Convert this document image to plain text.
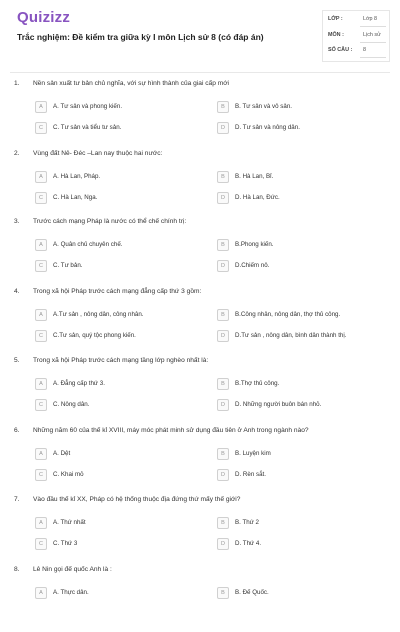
Quizizz
Trắc nghiệm: Đề kiểm tra giữa kỳ I môn Lịch sử 8 (có đáp án)
LỚP :	Lớp 8
MÔN :	Lịch sử
SỐ CÂU : 8
1. Nền sản xuất tư bản chủ nghĩa, với sự hình thành của giai cấp mới
A	A. Tư sản và phong kiến.	B	B. Tư sản và vô sản.
C	C. Tư sản và tiểu tư sản.	D	D. Tư sản và nông dân.
2. Vùng đất Nê- Đéc –Lan nay thuộc hai nước:
A	A. Hà Lan, Pháp.	B	B. Hà Lan, Bỉ.
C	C. Hà Lan, Nga.	D	D. Hà Lan, Đức.
3. Trước cách mạng Pháp là nước có thể chế chính trị:
A	A. Quân chủ chuyên chế.	B	B.Phong kiến.
C	C. Tư bản.	D	D.Chiếm nô.
4. Trong xã hội Pháp trước cách mạng đẳng cấp thứ 3 gồm:
A	A.Tư sản , nông dân, công nhân.	B	B.Công nhân, nông dân, thợ thủ công.
C	C.Tư sản, quý tộc phong kiến.	D	D.Tư sản , nông dân, bình dân thành thị.
5. Trong xã hội Pháp trước cách mạng tầng lớp nghèo nhất là:
A	A. Đẳng cấp thứ 3.	B	B.Thợ thủ công.
C	C. Nông dân.	D	D. Những người buôn bán nhỏ.
6. Những năm 60 của thế kỉ XVIII, máy móc phát minh sử dụng đầu tiên ở Anh trong ngành nào?
A	A. Dệt	B	B. Luyện kim
C	C. Khai mỏ	D	D. Rèn sắt.
7. Vào đầu thế kỉ XX, Pháp có hệ thống thuộc địa đứng thứ mấy thế giới?
A	A. Thứ nhất	B	B. Thứ 2
C	C. Thứ 3	D	D. Thứ 4.
8. Lê Nin gọi đế quốc Anh là :
A	A. Thực dân.	B	B. Đế Quốc.
